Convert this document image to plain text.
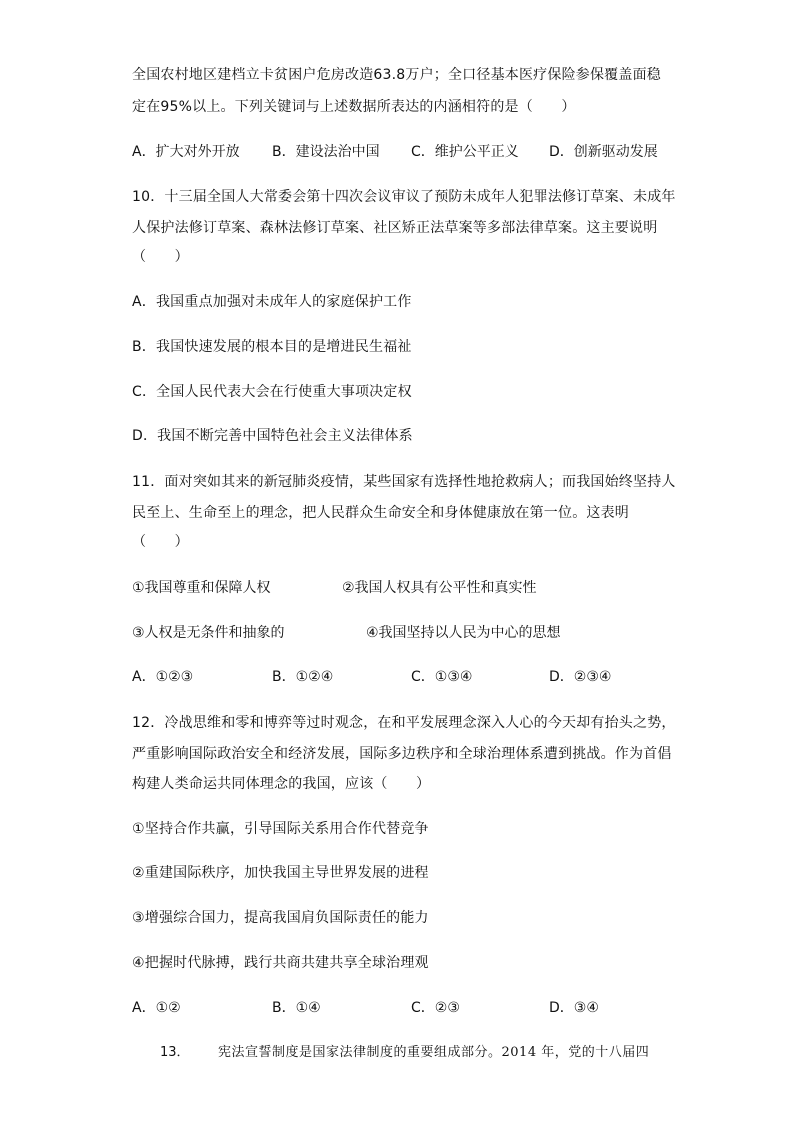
全国农村地区建档立卡贫困户危房改造63.8万户；全口径基本医疗保险参保覆盖面稳
定在95%以上。下列关键词与上述数据所表达的内涵相符的是（　　）
A．扩大对外开放 B．建设法治中国 C．维护公平正义 D．创新驱动发展
10．十三届全国人大常委会第十四次会议审议了预防未成年人犯罪法修订草案、未成年
人保护法修订草案、森林法修订草案、社区矫正法草案等多部法律草案。这主要说明
（　　）
A．我国重点加强对未成年人的家庭保护工作
B．我国快速发展的根本目的是增进民生福祉
C．全国人民代表大会在行使重大事项决定权
D．我国不断完善中国特色社会主义法律体系
11．面对突如其来的新冠肺炎疫情，某些国家有选择性地抢救病人；而我国始终坚持人
民至上、生命至上的理念，把人民群众生命安全和身体健康放在第一位。这表明
（　　）
①我国尊重和保障人权	②我国人权具有公平性和真实性
③人权是无条件和抽象的	④我国坚持以人民为中心的思想
A．①②③	B．①②④	C．①③④	D．②③④
12．冷战思维和零和博弈等过时观念，在和平发展理念深入人心的今天却有抬头之势，
严重影响国际政治安全和经济发展，国际多边秩序和全球治理体系遭到挑战。作为首倡
构建人类命运共同体理念的我国，应该（　　）
①坚持合作共赢，引导国际关系用合作代替竞争
②重建国际秩序，加快我国主导世界发展的进程
③增强综合国力，提高我国肩负国际责任的能力
④把握时代脉搏，践行共商共建共享全球治理观
A．①②	B．①④	C．②③	D．③④
13． 宪法宣誓制度是国家法律制度的重要组成部分。2014 年，党的十八届四
